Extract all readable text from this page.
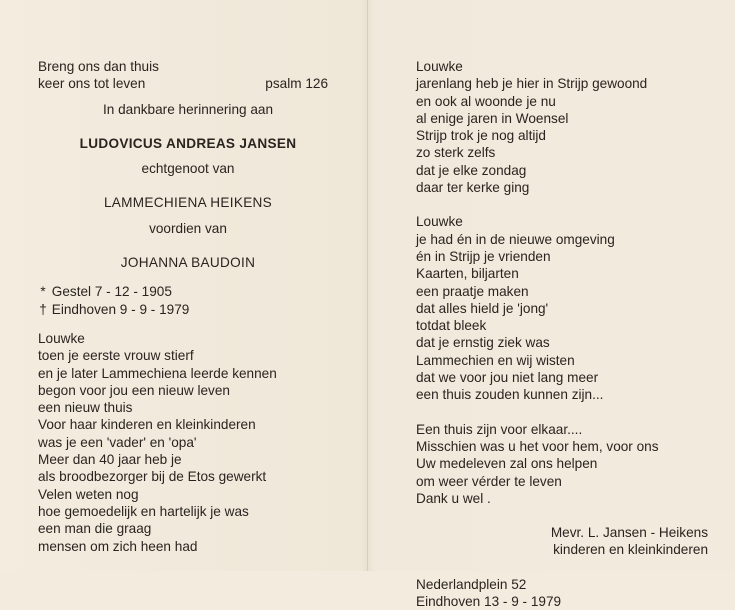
Breng ons dan thuis
keer ons tot leven	psalm 126
In dankbare herinnering aan
LUDOVICUS ANDREAS JANSEN
echtgenoot van
LAMMECHIENA HEIKENS
voordien van
JOHANNA BAUDOIN
* Gestel 7 - 12 - 1905
† Eindhoven 9 - 9 - 1979
Louwke
toen je eerste vrouw stierf
en je later Lammechiena leerde kennen
begon voor jou een nieuw leven
een nieuw thuis
Voor haar kinderen en kleinkinderen
was je een 'vader' en 'opa'
Meer dan 40 jaar heb je
als broodbezorger bij de Etos gewerkt
Velen weten nog
hoe gemoedelijk en hartelijk je was
een man die graag
mensen om zich heen had
Louwke
jarenlang heb je hier in Strijp gewoond
en ook al woonde je nu
al enige jaren in Woensel
Strijp trok je nog altijd
zo sterk zelfs
dat je elke zondag
daar ter kerke ging
Louwke
je had én in de nieuwe omgeving
én in Strijp je vrienden
Kaarten, biljarten
een praatje maken
dat alles hield je 'jong'
totdat bleek
dat je ernstig ziek was
Lammechien en wij wisten
dat we voor jou niet lang meer
een thuis zouden kunnen zijn...
Een thuis zijn voor elkaar....
Misschien was u het voor hem, voor ons
Uw medeleven zal ons helpen
om weer vérder te leven
Dank u wel .
Mevr. L. Jansen - Heikens
kinderen en kleinkinderen
Nederlandplein 52
Eindhoven 13 - 9 - 1979
